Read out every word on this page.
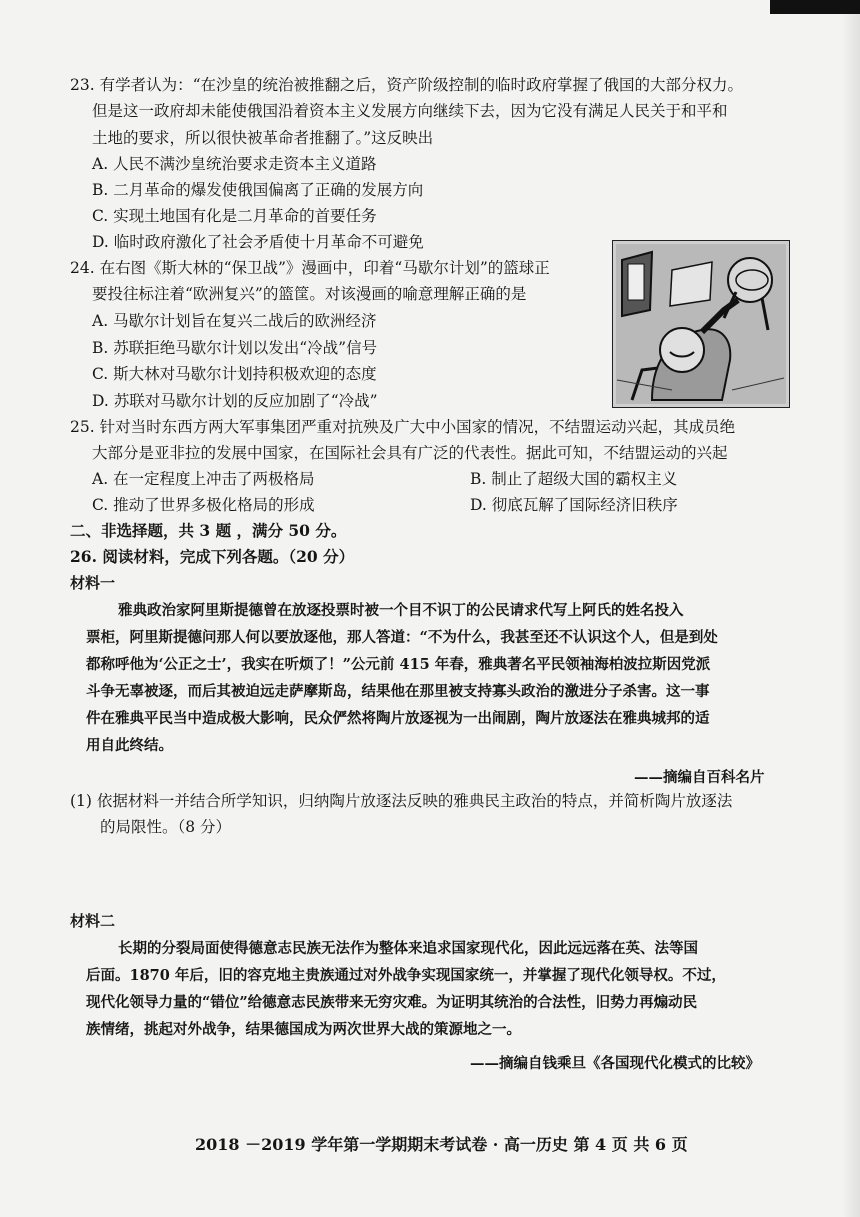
23. 有学者认为：“在沙皇的统治被推翻之后，资产阶级控制的临时政府掌握了俄国的大部分权力。
但是这一政府却未能使俄国沿着资本主义发展方向继续下去，因为它没有满足人民关于和平和
土地的要求，所以很快被革命者推翻了。”这反映出
A. 人民不满沙皇统治要求走资本主义道路
B. 二月革命的爆发使俄国偏离了正确的发展方向
C. 实现土地国有化是二月革命的首要任务
D. 临时政府激化了社会矛盾使十月革命不可避免
24. 在右图《斯大林的“保卫战”》漫画中，印着“马歇尔计划”的篮球正
要投往标注着“欧洲复兴”的篮筐。对该漫画的喻意理解正确的是
A. 马歇尔计划旨在复兴二战后的欧洲经济
B. 苏联拒绝马歇尔计划以发出“冷战”信号
C. 斯大林对马歇尔计划持积极欢迎的态度
D. 苏联对马歇尔计划的反应加剧了“冷战”
25. 针对当时东西方两大军事集团严重对抗殃及广大中小国家的情况，不结盟运动兴起，其成员绝
大部分是亚非拉的发展中国家，在国际社会具有广泛的代表性。据此可知，不结盟运动的兴起
A. 在一定程度上冲击了两极格局	B. 制止了超级大国的霸权主义
C. 推动了世界多极化格局的形成	D. 彻底瓦解了国际经济旧秩序
二、非选择题，共 3 题 ，满分 50 分。
26. 阅读材料，完成下列各题。（20 分）
材料一
雅典政治家阿里斯提德曾在放逐投票时被一个目不识丁的公民请求代写上阿氏的姓名投入
票柜，阿里斯提德问那人何以要放逐他，那人答道：“不为什么，我甚至还不认识这个人，但是到处
都称呼他为‘公正之士’，我实在听烦了！”公元前 415 年春，雅典著名平民领袖海柏波拉斯因党派
斗争无辜被逐，而后其被迫远走萨摩斯岛，结果他在那里被支持寡头政治的激进分子杀害。这一事
件在雅典平民当中造成极大影响，民众俨然将陶片放逐视为一出闹剧，陶片放逐法在雅典城邦的适
用自此终结。
——摘编自百科名片
(1) 依据材料一并结合所学知识，归纳陶片放逐法反映的雅典民主政治的特点，并简析陶片放逐法
的局限性。（8 分）
材料二
长期的分裂局面使得德意志民族无法作为整体来追求国家现代化，因此远远落在英、法等国
后面。1870 年后，旧的容克地主贵族通过对外战争实现国家统一，并掌握了现代化领导权。不过，
现代化领导力量的“错位”给德意志民族带来无穷灾难。为证明其统治的合法性，旧势力再煽动民
族情绪，挑起对外战争，结果德国成为两次世界大战的策源地之一。
——摘编自钱乘旦《各国现代化模式的比较》
2018 －2019 学年第一学期期末考试卷 · 高一历史 第 4 页 共 6 页
